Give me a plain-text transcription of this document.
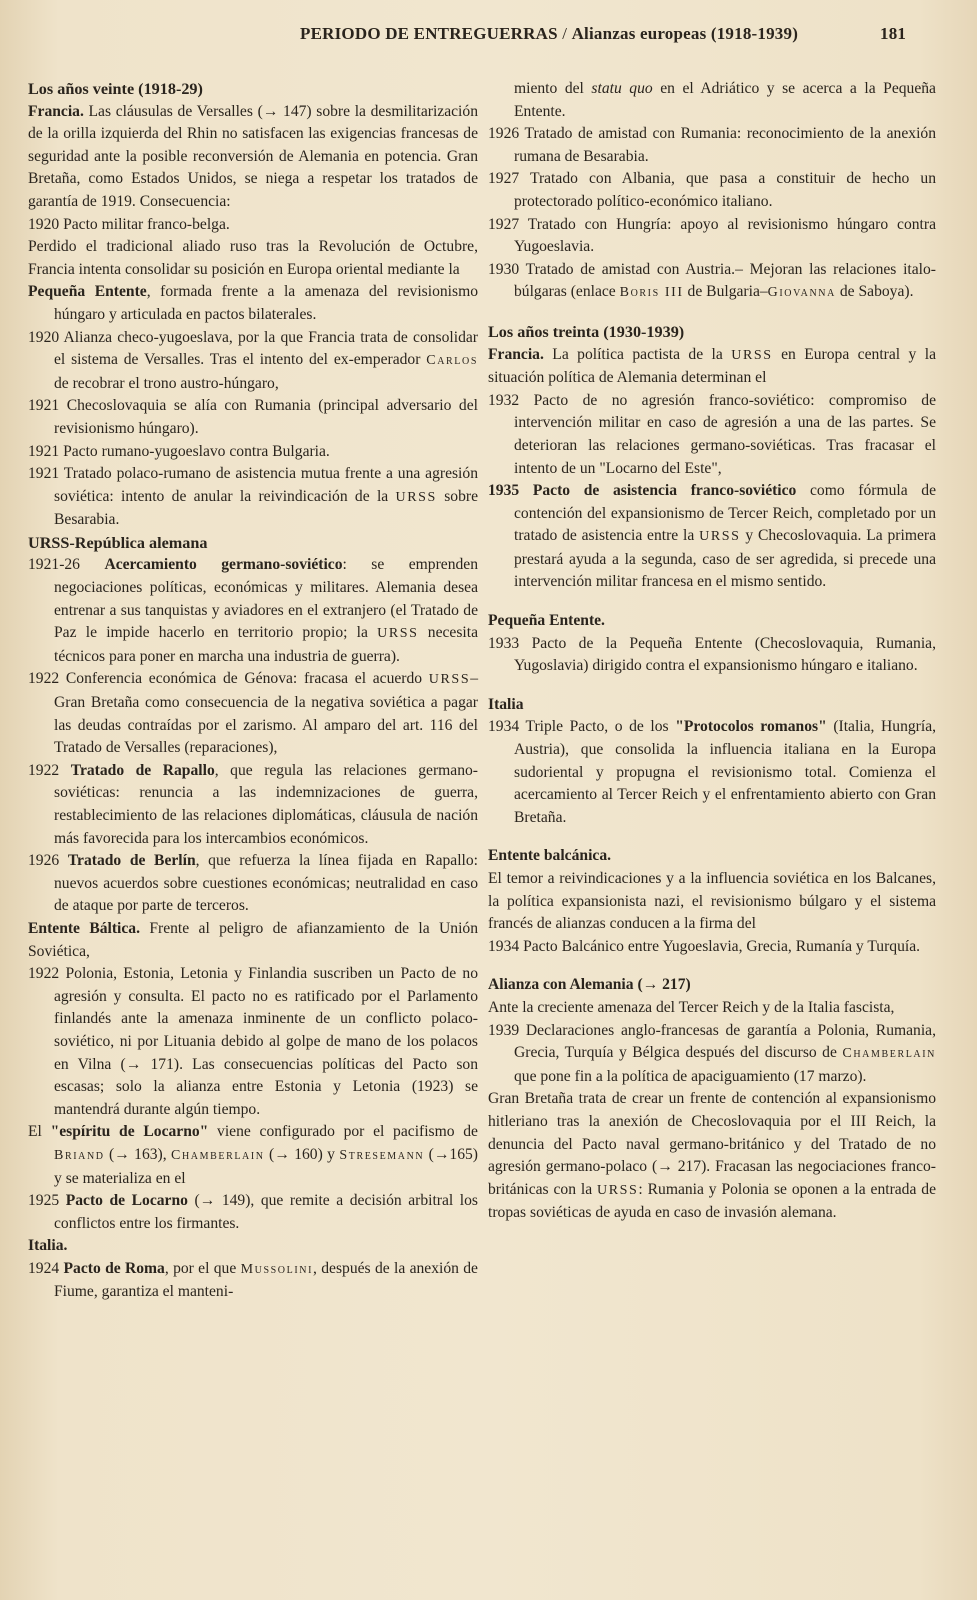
PERIODO DE ENTREGUERRAS / Alianzas europeas (1918-1939)	181

Los años veinte (1918-29)

Francia. Las cláusulas de Versalles (→ 147) sobre la desmilitarización de la orilla izquierda del Rhin no satisfacen las exigencias francesas de seguridad ante la posible reconversión de Alemania en potencia. Gran Bretaña, como Estados Unidos, se niega a respetar los tratados de garantía de 1919. Consecuencia:

1920 Pacto militar franco-belga.

Perdido el tradicional aliado ruso tras la Revolución de Octubre, Francia intenta consolidar su posición en Europa oriental mediante la

Pequeña Entente, formada frente a la amenaza del revisionismo húngaro y articulada en pactos bilaterales.

1920 Alianza checo-yugoeslava, por la que Francia trata de consolidar el sistema de Versalles. Tras el intento del ex-emperador Carlos de recobrar el trono austro-húngaro,

1921 Checoslovaquia se alía con Rumania (principal adversario del revisionismo húngaro).

1921 Pacto rumano-yugoeslavo contra Bulgaria.

1921 Tratado polaco-rumano de asistencia mutua frente a una agresión soviética: intento de anular la reivindicación de la URSS sobre Besarabia.

URSS-República alemana

1921-26 Acercamiento germano-soviético: se emprenden negociaciones políticas, económicas y militares. Alemania desea entrenar a sus tanquistas y aviadores en el extranjero (el Tratado de Paz le impide hacerlo en territorio propio; la URSS necesita técnicos para poner en marcha una industria de guerra).

1922 Conferencia económica de Génova: fracasa el acuerdo URSS–Gran Bretaña como consecuencia de la negativa soviética a pagar las deudas contraídas por el zarismo. Al amparo del art. 116 del Tratado de Versalles (reparaciones),

1922 Tratado de Rapallo, que regula las relaciones germano-soviéticas: renuncia a las indemnizaciones de guerra, restablecimiento de las relaciones diplomáticas, cláusula de nación más favorecida para los intercambios económicos.

1926 Tratado de Berlín, que refuerza la línea fijada en Rapallo: nuevos acuerdos sobre cuestiones económicas; neutralidad en caso de ataque por parte de terceros.

Entente Báltica. Frente al peligro de afianzamiento de la Unión Soviética,

1922 Polonia, Estonia, Letonia y Finlandia suscriben un Pacto de no agresión y consulta. El pacto no es ratificado por el Parlamento finlandés ante la amenaza inminente de un conflicto polaco-soviético, ni por Lituania debido al golpe de mano de los polacos en Vilna (→ 171). Las consecuencias políticas del Pacto son escasas; solo la alianza entre Estonia y Letonia (1923) se mantendrá durante algún tiempo.

El "espíritu de Locarno" viene configurado por el pacifismo de Briand (→ 163), Chamberlain (→ 160) y Stresemann (→165) y se materializa en el

1925 Pacto de Locarno (→ 149), que remite a decisión arbitral los conflictos entre los firmantes.

Italia.

1924 Pacto de Roma, por el que Mussolini, después de la anexión de Fiume, garantiza el manteni-

miento del statu quo en el Adriático y se acerca a la Pequeña Entente.

1926 Tratado de amistad con Rumania: reconocimiento de la anexión rumana de Besarabia.

1927 Tratado con Albania, que pasa a constituir de hecho un protectorado político-económico italiano.

1927 Tratado con Hungría: apoyo al revisionismo húngaro contra Yugoeslavia.

1930 Tratado de amistad con Austria.– Mejoran las relaciones italo-búlgaras (enlace Boris III de Bulgaria–Giovanna de Saboya).

Los años treinta (1930-1939)

Francia. La política pactista de la URSS en Europa central y la situación política de Alemania determinan el

1932 Pacto de no agresión franco-soviético: compromiso de intervención militar en caso de agresión a una de las partes. Se deterioran las relaciones germano-soviéticas. Tras fracasar el intento de un "Locarno del Este",

1935 Pacto de asistencia franco-soviético como fórmula de contención del expansionismo de Tercer Reich, completado por un tratado de asistencia entre la URSS y Checoslovaquia. La primera prestará ayuda a la segunda, caso de ser agredida, si precede una intervención militar francesa en el mismo sentido.

Pequeña Entente.

1933 Pacto de la Pequeña Entente (Checoslovaquia, Rumania, Yugoslavia) dirigido contra el expansionismo húngaro e italiano.

Italia

1934 Triple Pacto, o de los "Protocolos romanos" (Italia, Hungría, Austria), que consolida la influencia italiana en la Europa sudoriental y propugna el revisionismo total. Comienza el acercamiento al Tercer Reich y el enfrentamiento abierto con Gran Bretaña.

Entente balcánica.

El temor a reivindicaciones y a la influencia soviética en los Balcanes, la política expansionista nazi, el revisionismo búlgaro y el sistema francés de alianzas conducen a la firma del

1934 Pacto Balcánico entre Yugoeslavia, Grecia, Rumanía y Turquía.

Alianza con Alemania (→ 217)

Ante la creciente amenaza del Tercer Reich y de la Italia fascista,

1939 Declaraciones anglo-francesas de garantía a Polonia, Rumania, Grecia, Turquía y Bélgica después del discurso de Chamberlain que pone fin a la política de apaciguamiento (17 marzo).

Gran Bretaña trata de crear un frente de contención al expansionismo hitleriano tras la anexión de Checoslovaquia por el III Reich, la denuncia del Pacto naval germano-británico y del Tratado de no agresión germano-polaco (→ 217). Fracasan las negociaciones franco-británicas con la URSS: Rumania y Polonia se oponen a la entrada de tropas soviéticas de ayuda en caso de invasión alemana.
